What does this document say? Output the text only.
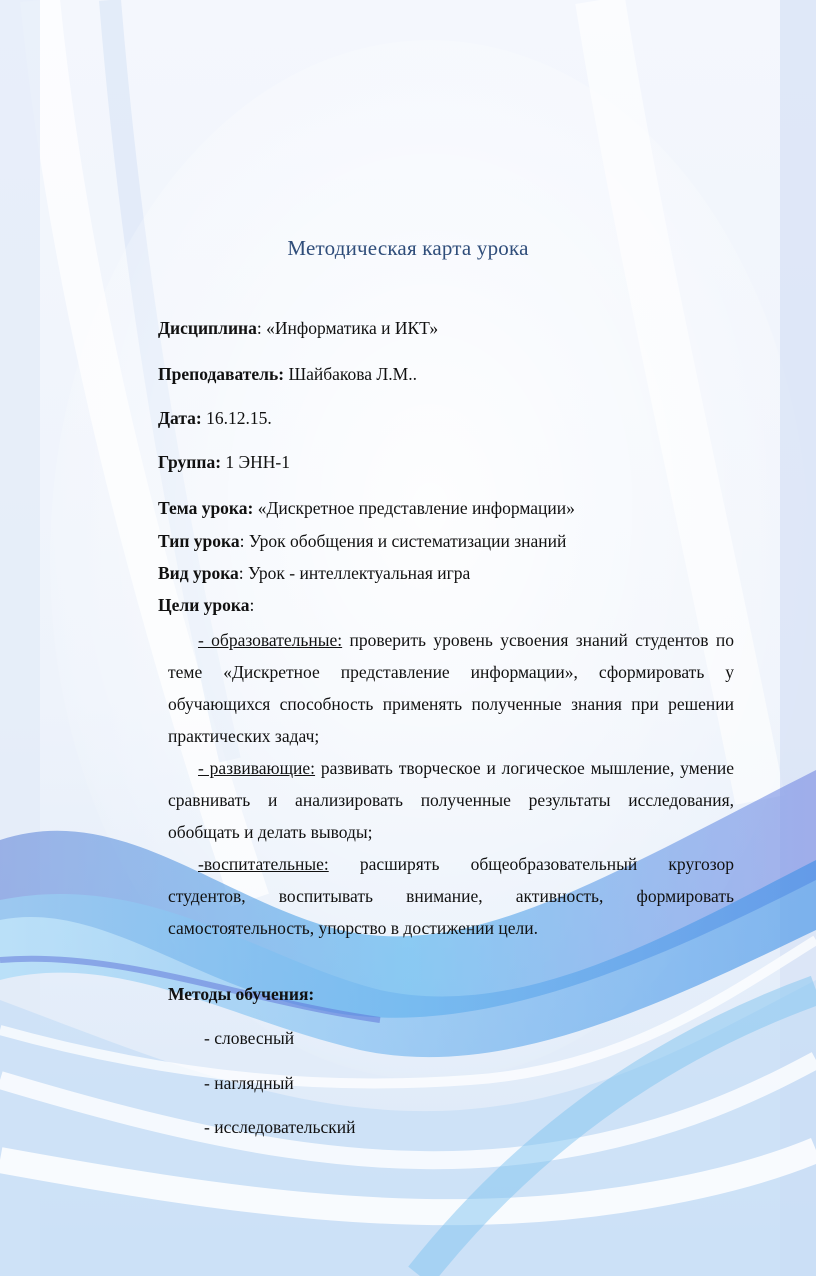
Методическая карта урока
Дисциплина: «Информатика и ИКТ»
Преподаватель: Шайбакова Л.М..
Дата: 16.12.15.
Группа: 1 ЭНН-1
Тема урока: «Дискретное представление информации»
Тип урока: Урок обобщения и систематизации знаний
Вид урока: Урок - интеллектуальная игра
Цели урока:
- образовательные: проверить уровень усвоения знаний студентов по теме «Дискретное представление информации», сформировать у обучающихся способность применять полученные знания при решении практических задач;
- развивающие: развивать творческое и логическое мышление, умение сравнивать и анализировать полученные результаты исследования, обобщать и делать выводы;
-воспитательные: расширять общеобразовательный кругозор студентов, воспитывать внимание, активность, формировать самостоятельность, упорство в достижении цели.
Методы обучения:
- словесный
- наглядный
- исследовательский
